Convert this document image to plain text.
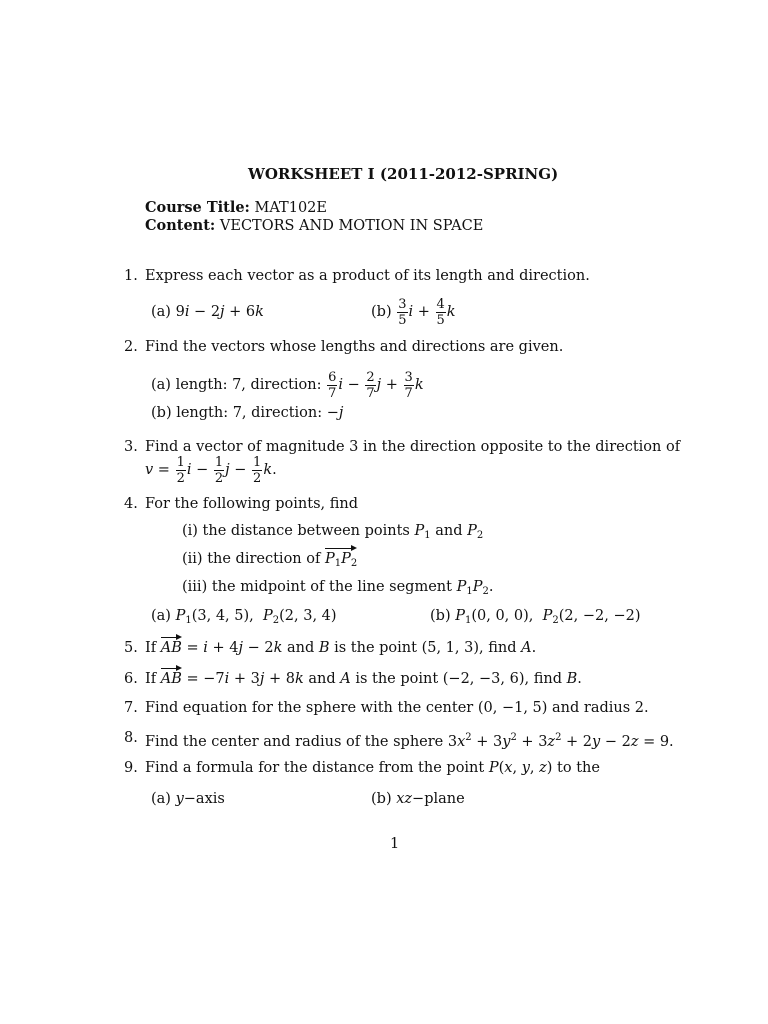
WORKSHEET I (2011-2012-SPRING)
Course Title: MAT102E
Content: VECTORS AND MOTION IN SPACE
1. Express each vector as a product of its length and direction.
(a) 9i − 2j + 6k	$(b) \frac{3}{5}$ $i + \frac{4}{5}$ k
2. Find the vectors whose lengths and directions are given.
(a) length: 7, direction: $\frac{6}{7}$ $i - \frac{2}{7}$ $j + \frac{3}{7}$ k
(b) length: 7, direction: −j
3. Find a vector of magnitude 3 in the direction opposite to the direction of
$v = \frac{1}{2}$ $i - \frac{1}{2}$ $j - \frac{1}{2} k$.
4. For the following points, find
(i) the distance between points $P_1$ and $P_2$
(ii) the direction of $P_1P_2$
(iii) the midpoint of the line segment $P_1P_2$.
(a) $P_1(3$, 4, 5),  $P_2(2$, 3, 4)	(b) $P_1(0$, 0, 0),  $P_2(2$, −2, −2)
5. If AB = i + 4j − 2k and B is the point (5, 1, 3), find A.
6. If AB = −7i + 3j + 8k and A is the point (−2, −3, 6), find B.
7. Find equation for the sphere with the center (0, −1, 5) and radius 2.
8. Find the center and radius of the sphere $3x^2 + 3y^2 + 3z^2 + 2y - 2z = 9$.
9. Find a formula for the distance from the point P(x, y, z) to the
(a) y−axis	(b) xz−plane
1
